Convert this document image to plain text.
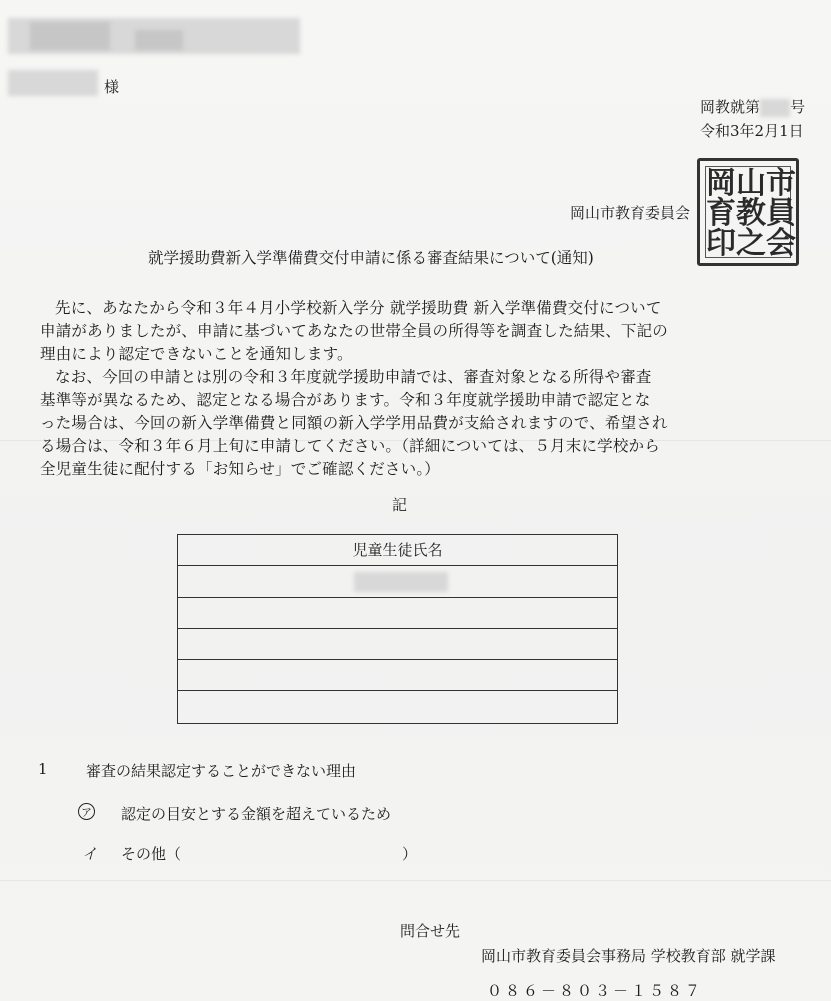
様
岡教就第 号
令和3年2月1日
岡山市教育委員会
市
員
会
山
教
之
岡
育
印
就学援助費新入学準備費交付申請に係る審査結果について(通知)
先に、あなたから令和３年４月小学校新入学分 就学援助費 新入学準備費交付について
申請がありましたが、申請に基づいてあなたの世帯全員の所得等を調査した結果、下記の
理由により認定できないことを通知します。
なお、今回の申請とは別の令和３年度就学援助申請では、審査対象となる所得や審査
基準等が異なるため、認定となる場合があります。令和３年度就学援助申請で認定とな
った場合は、今回の新入学準備費と同額の新入学学用品費が支給されますので、希望され
る場合は、令和３年６月上旬に申請してください。（詳細については、５月末に学校から
全児童生徒に配付する「お知らせ」でご確認ください。）
記
児童生徒氏名
1	審査の結果認定することができない理由
ア 認定の目安とする金額を超えているため
イ その他（	）
問合せ先
岡山市教育委員会事務局 学校教育部 就学課
０８６－８０３－１５８７
